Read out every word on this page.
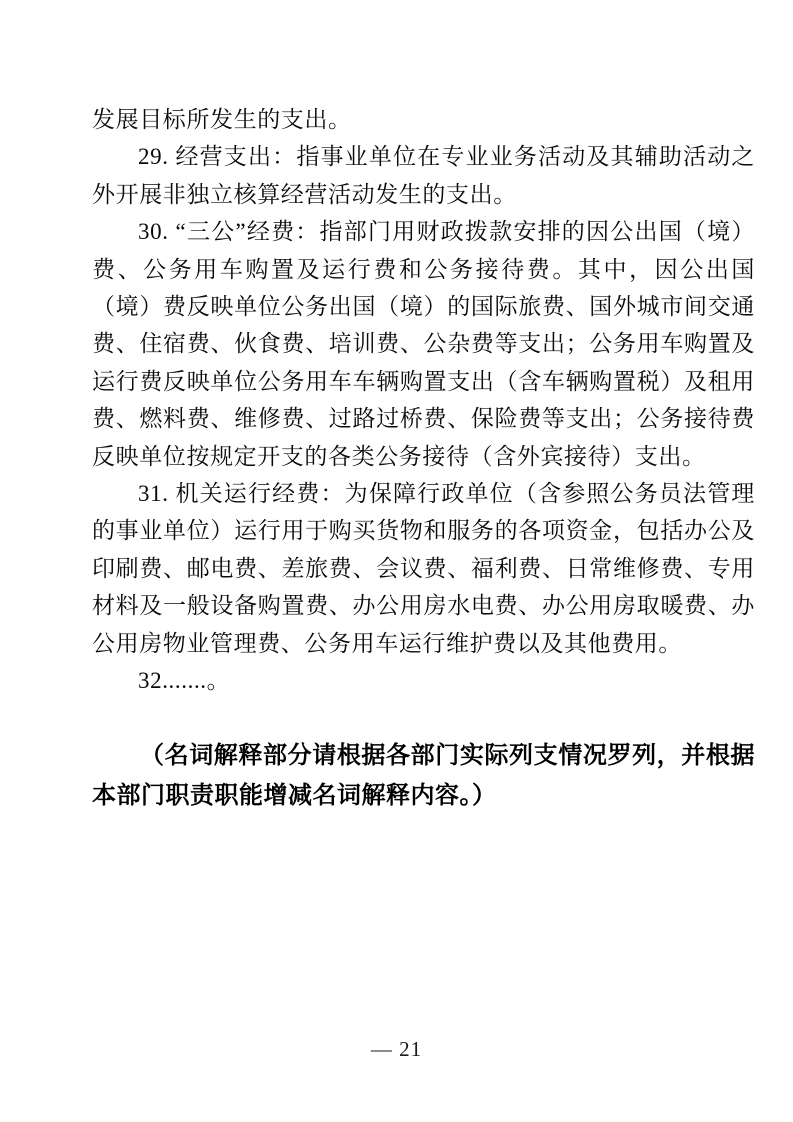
发展目标所发生的支出。

29. 经营支出：指事业单位在专业业务活动及其辅助活动之外开展非独立核算经营活动发生的支出。

30. “三公”经费：指部门用财政拨款安排的因公出国（境）费、公务用车购置及运行费和公务接待费。其中，因公出国（境）费反映单位公务出国（境）的国际旅费、国外城市间交通费、住宿费、伙食费、培训费、公杂费等支出；公务用车购置及运行费反映单位公务用车车辆购置支出（含车辆购置税）及租用费、燃料费、维修费、过路过桥费、保险费等支出；公务接待费反映单位按规定开支的各类公务接待（含外宾接待）支出。

31. 机关运行经费：为保障行政单位（含参照公务员法管理的事业单位）运行用于购买货物和服务的各项资金，包括办公及印刷费、邮电费、差旅费、会议费、福利费、日常维修费、专用材料及一般设备购置费、办公用房水电费、办公用房取暖费、办公用房物业管理费、公务用车运行维护费以及其他费用。

32.......。

（名词解释部分请根据各部门实际列支情况罗列，并根据本部门职责职能增减名词解释内容。）

— 21
